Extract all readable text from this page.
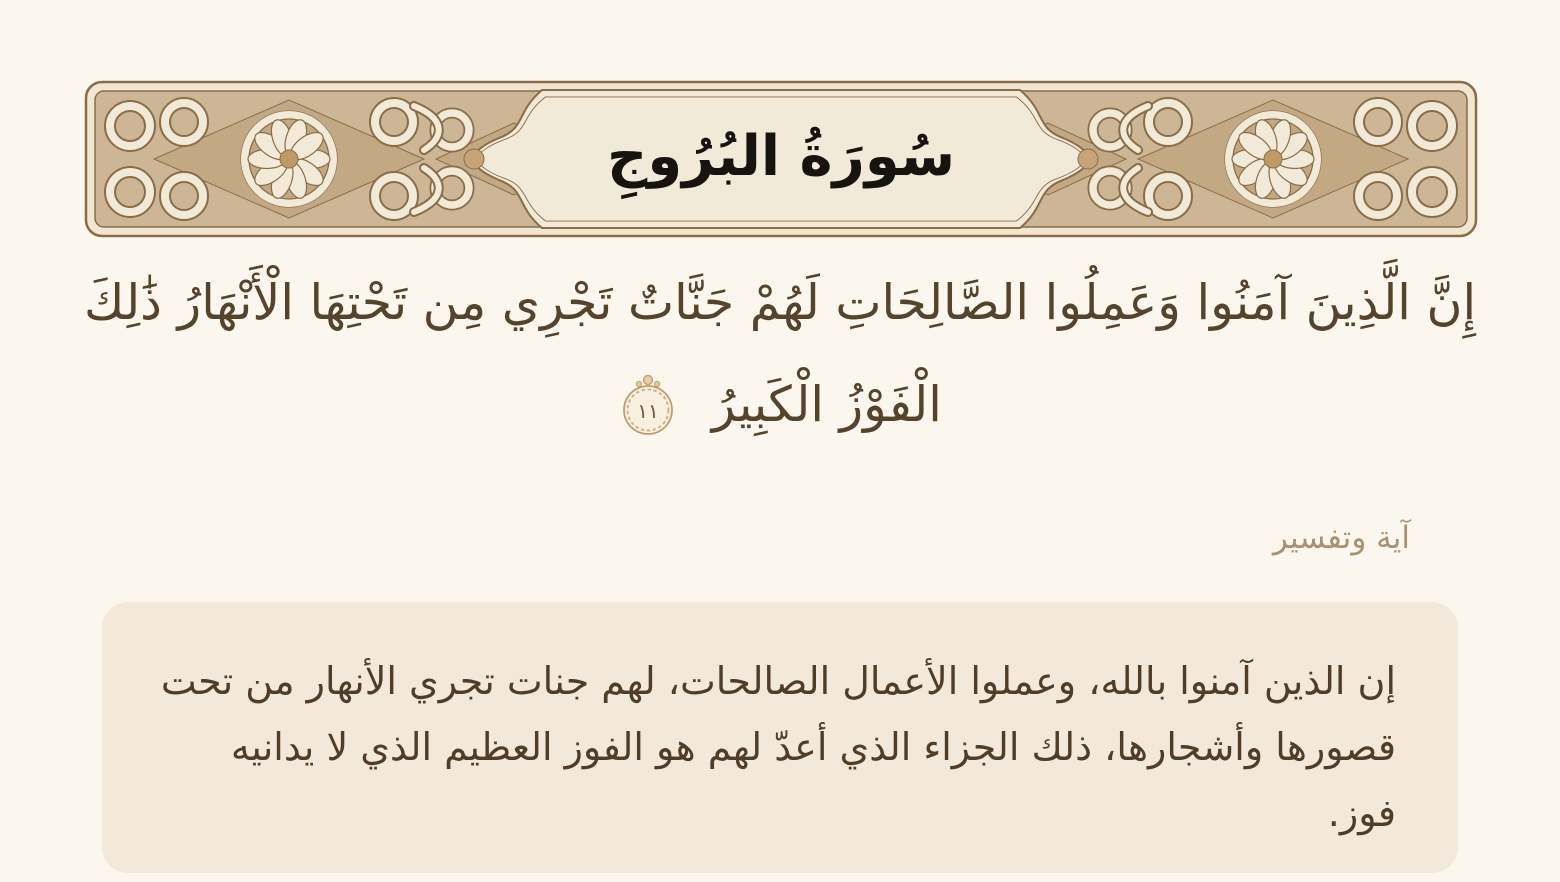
سُورَةُ البُرُوجِ
إِنَّ الَّذِينَ آمَنُوا وَعَمِلُوا الصَّالِحَاتِ لَهُمْ جَنَّاتٌ تَجْرِي مِن تَحْتِهَا الْأَنْهَارُ ذَٰلِكَ
الْفَوْزُ الْكَبِيرُ
١١
آية وتفسير
إن الذين آمنوا بالله، وعملوا الأعمال الصالحات، لهم جنات تجري الأنهار من تحت
قصورها وأشجارها، ذلك الجزاء الذي أعدّ لهم هو الفوز العظيم الذي لا يدانيه
فوز.
